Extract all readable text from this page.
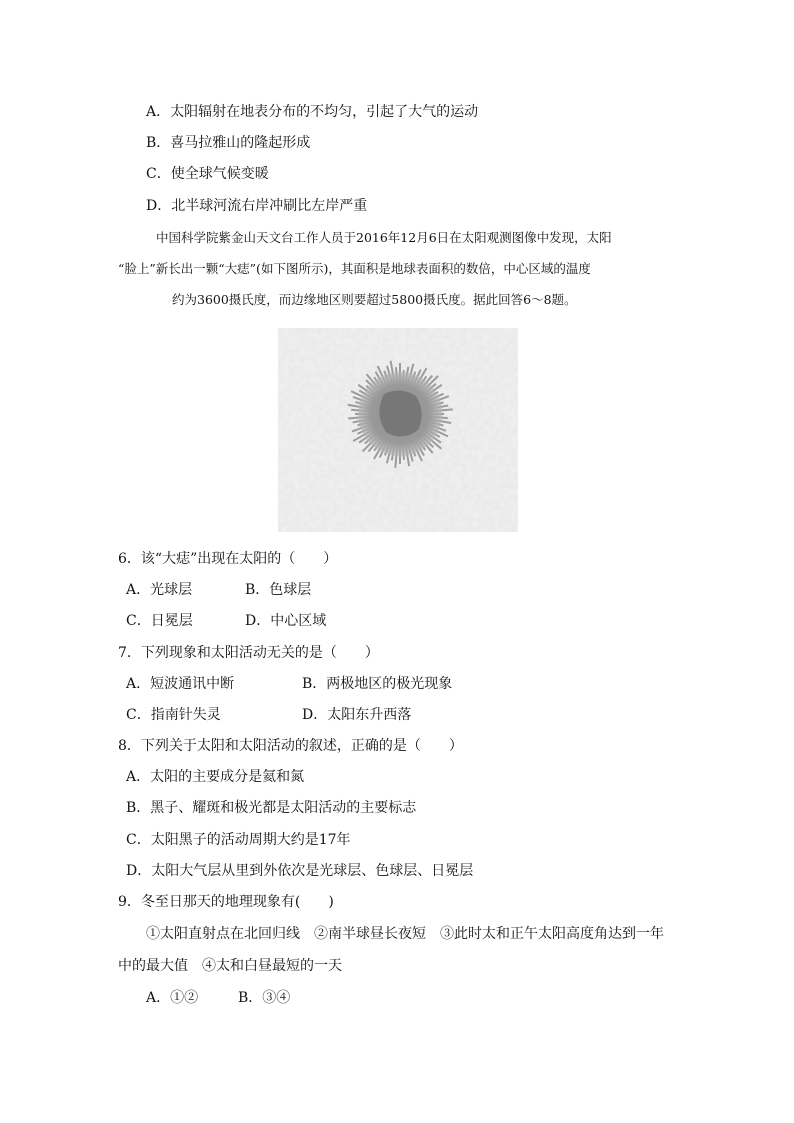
A．太阳辐射在地表分布的不均匀，引起了大气的运动
B．喜马拉雅山的隆起形成
C．使全球气候变暖
D．北半球河流右岸冲刷比左岸严重
中国科学院紫金山天文台工作人员于2016年12月6日在太阳观测图像中发现，太阳
“脸上”新长出一颗“大痣”(如下图所示)，其面积是地球表面积的数倍，中心区域的温度
约为3600摄氏度，而边缘地区则要超过5800摄氏度。据此回答6～8题。
6．该“大痣”出现在太阳的（　　）
A．光球层	B．色球层
C．日冕层	D．中心区域
7．下列现象和太阳活动无关的是（　　）
A．短波通讯中断	B．两极地区的极光现象
C．指南针失灵	D．太阳东升西落
8．下列关于太阳和太阳活动的叙述，正确的是（　　）
A．太阳的主要成分是氦和氮
B．黑子、耀斑和极光都是太阳活动的主要标志
C．太阳黑子的活动周期大约是17年
D．太阳大气层从里到外依次是光球层、色球层、日冕层
9．冬至日那天的地理现象有(　　)
①太阳直射点在北回归线　②南半球昼长夜短　③此时太和正午太阳高度角达到一年
中的最大值　④太和白昼最短的一天
A．①②	B．③④
